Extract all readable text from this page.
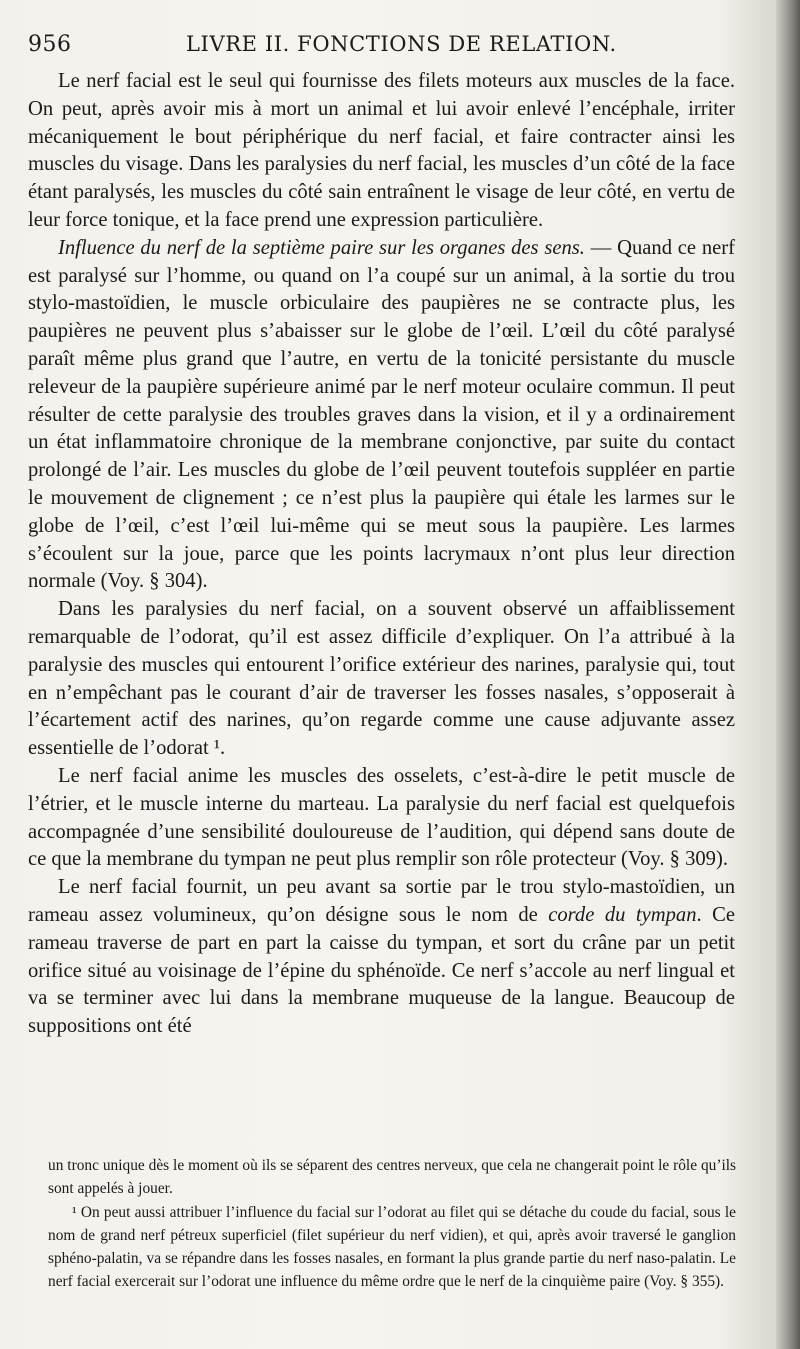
956	LIVRE II. FONCTIONS DE RELATION.

Le nerf facial est le seul qui fournisse des filets moteurs aux muscles de la face. On peut, après avoir mis à mort un animal et lui avoir enlevé l’encéphale, irriter mécaniquement le bout périphérique du nerf facial, et faire contracter ainsi les muscles du visage. Dans les paralysies du nerf facial, les muscles d’un côté de la face étant paralysés, les muscles du côté sain entraînent le visage de leur côté, en vertu de leur force tonique, et la face prend une expression particulière.

Influence du nerf de la septième paire sur les organes des sens. — Quand ce nerf est paralysé sur l’homme, ou quand on l’a coupé sur un animal, à la sortie du trou stylo-mastoïdien, le muscle orbiculaire des paupières ne se contracte plus, les paupières ne peuvent plus s’abaisser sur le globe de l’œil. L’œil du côté paralysé paraît même plus grand que l’autre, en vertu de la tonicité persistante du muscle releveur de la paupière supérieure animé par le nerf moteur oculaire commun. Il peut résulter de cette paralysie des troubles graves dans la vision, et il y a ordinairement un état inflammatoire chronique de la membrane conjonctive, par suite du contact prolongé de l’air. Les muscles du globe de l’œil peuvent toutefois suppléer en partie le mouvement de clignement ; ce n’est plus la paupière qui étale les larmes sur le globe de l’œil, c’est l’œil lui-même qui se meut sous la paupière. Les larmes s’écoulent sur la joue, parce que les points lacrymaux n’ont plus leur direction normale (Voy. § 304).

Dans les paralysies du nerf facial, on a souvent observé un affaiblissement remarquable de l’odorat, qu’il est assez difficile d’expliquer. On l’a attribué à la paralysie des muscles qui entourent l’orifice extérieur des narines, paralysie qui, tout en n’empêchant pas le courant d’air de traverser les fosses nasales, s’opposerait à l’écartement actif des narines, qu’on regarde comme une cause adjuvante assez essentielle de l’odorat ¹.

Le nerf facial anime les muscles des osselets, c’est-à-dire le petit muscle de l’étrier, et le muscle interne du marteau. La paralysie du nerf facial est quelquefois accompagnée d’une sensibilité douloureuse de l’audition, qui dépend sans doute de ce que la membrane du tympan ne peut plus remplir son rôle protecteur (Voy. § 309).

Le nerf facial fournit, un peu avant sa sortie par le trou stylo-mastoïdien, un rameau assez volumineux, qu’on désigne sous le nom de corde du tympan. Ce rameau traverse de part en part la caisse du tympan, et sort du crâne par un petit orifice situé au voisinage de l’épine du sphénoïde. Ce nerf s’accole au nerf lingual et va se terminer avec lui dans la membrane muqueuse de la langue. Beaucoup de suppositions ont été

un tronc unique dès le moment où ils se séparent des centres nerveux, que cela ne changerait point le rôle qu’ils sont appelés à jouer.

¹ On peut aussi attribuer l’influence du facial sur l’odorat au filet qui se détache du coude du facial, sous le nom de grand nerf pétreux superficiel (filet supérieur du nerf vidien), et qui, après avoir traversé le ganglion sphéno-palatin, va se répandre dans les fosses nasales, en formant la plus grande partie du nerf naso-palatin. Le nerf facial exercerait sur l’odorat une influence du même ordre que le nerf de la cinquième paire (Voy. § 355).
